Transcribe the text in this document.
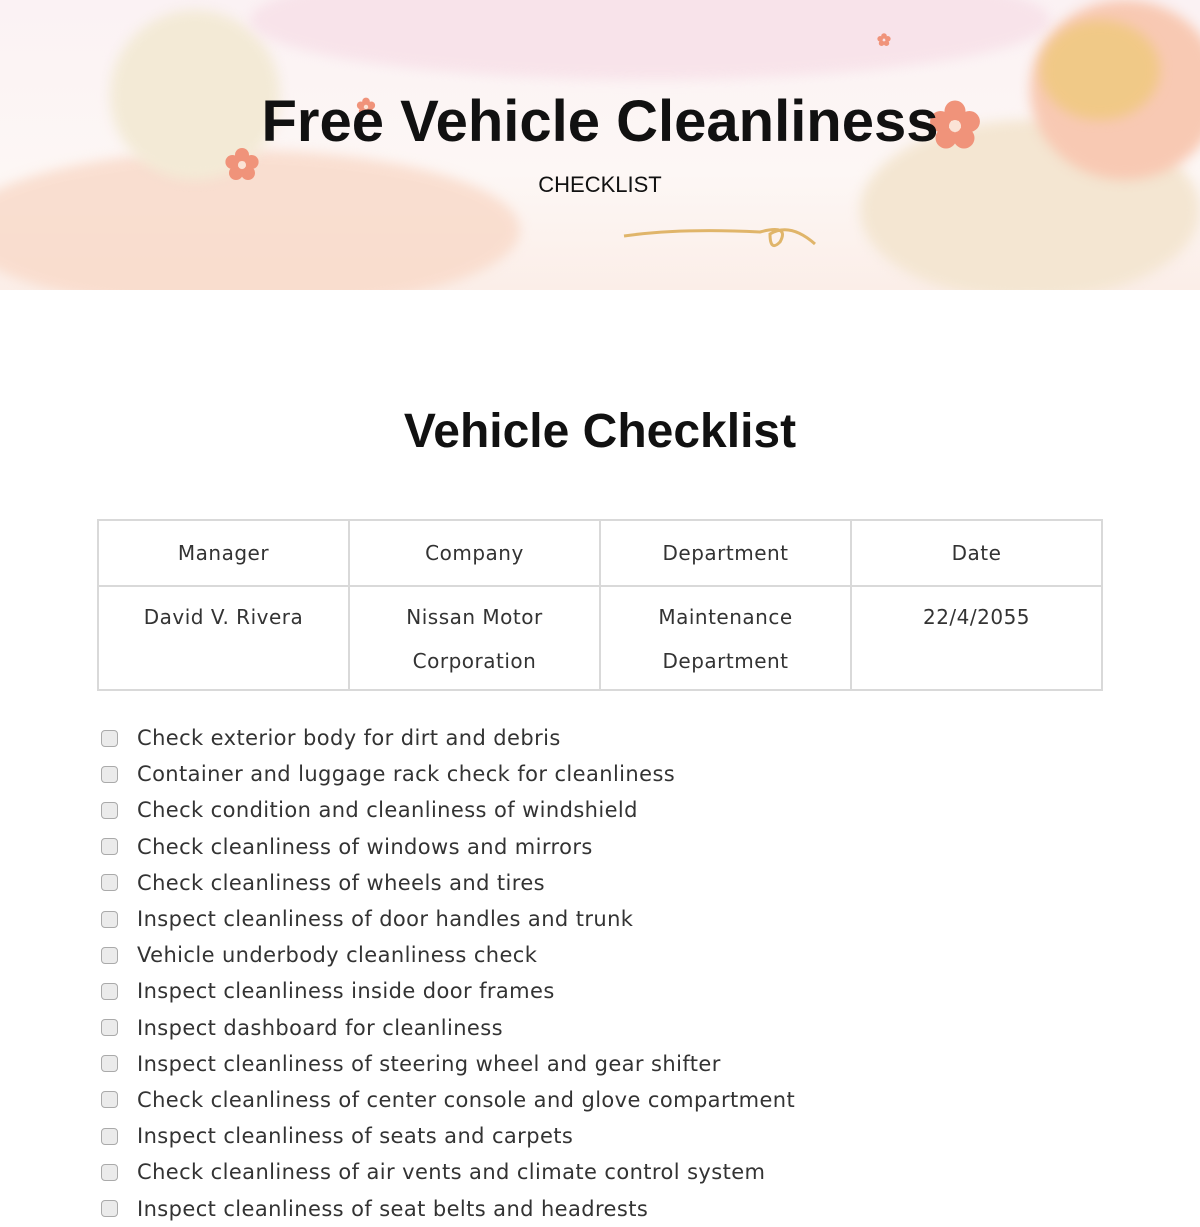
Free Vehicle Cleanliness
CHECKLIST
Vehicle Checklist
Manager	Company	Department	Date
David V. Rivera	Nissan Motor Corporation	Maintenance Department	22/4/2055
Check exterior body for dirt and debris
Container and luggage rack check for cleanliness
Check condition and cleanliness of windshield
Check cleanliness of windows and mirrors
Check cleanliness of wheels and tires
Inspect cleanliness of door handles and trunk
Vehicle underbody cleanliness check
Inspect cleanliness inside door frames
Inspect dashboard for cleanliness
Inspect cleanliness of steering wheel and gear shifter
Check cleanliness of center console and glove compartment
Inspect cleanliness of seats and carpets
Check cleanliness of air vents and climate control system
Inspect cleanliness of seat belts and headrests
